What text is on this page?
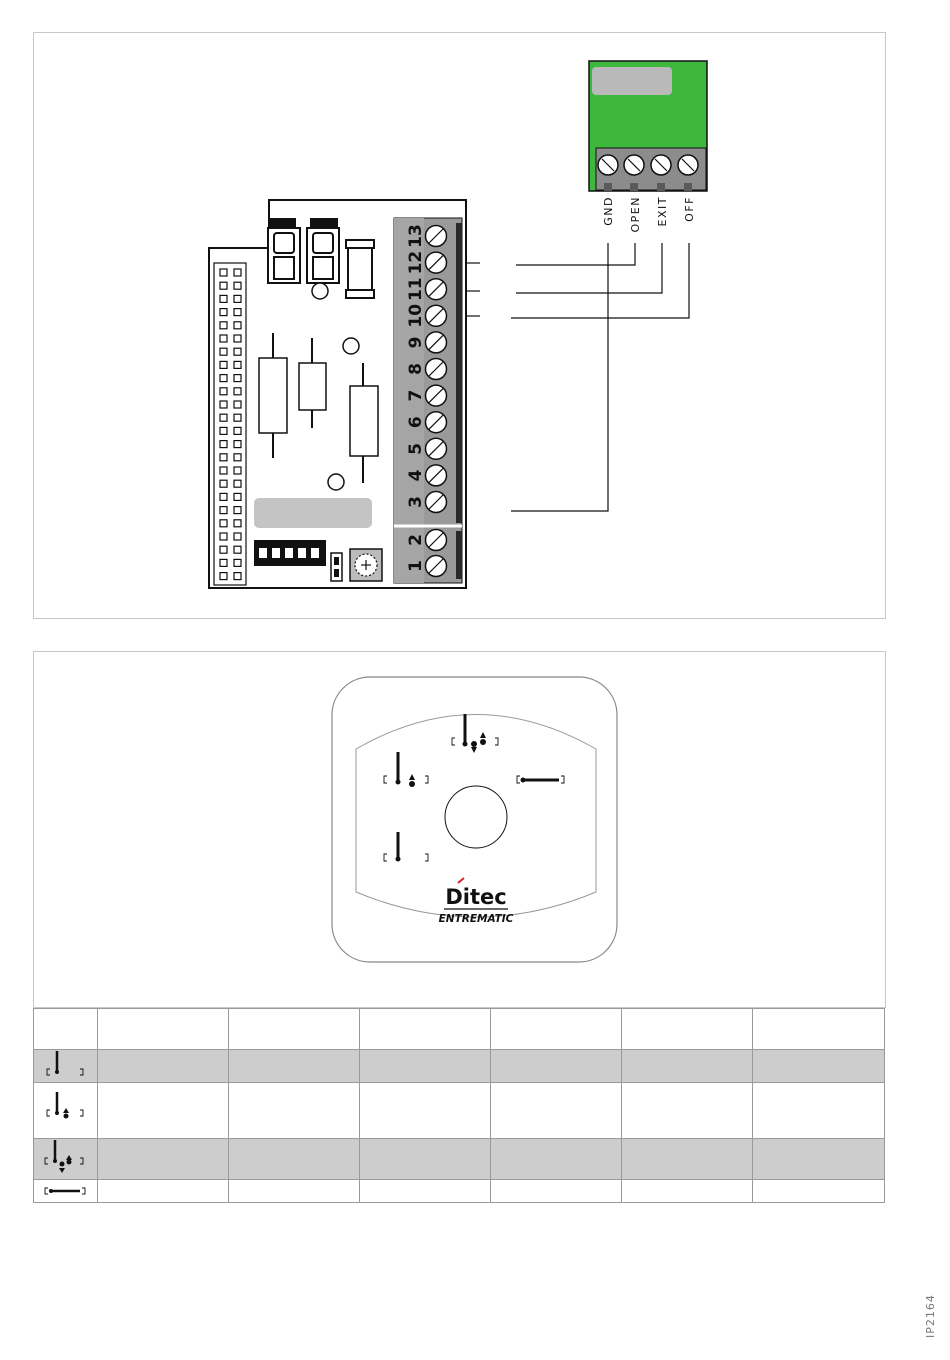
13
12
11
10
9
8
7
6
5
4
3
2
1
GND OPEN EXIT OFF
Ditec
ENTREMATIC

IP2164
